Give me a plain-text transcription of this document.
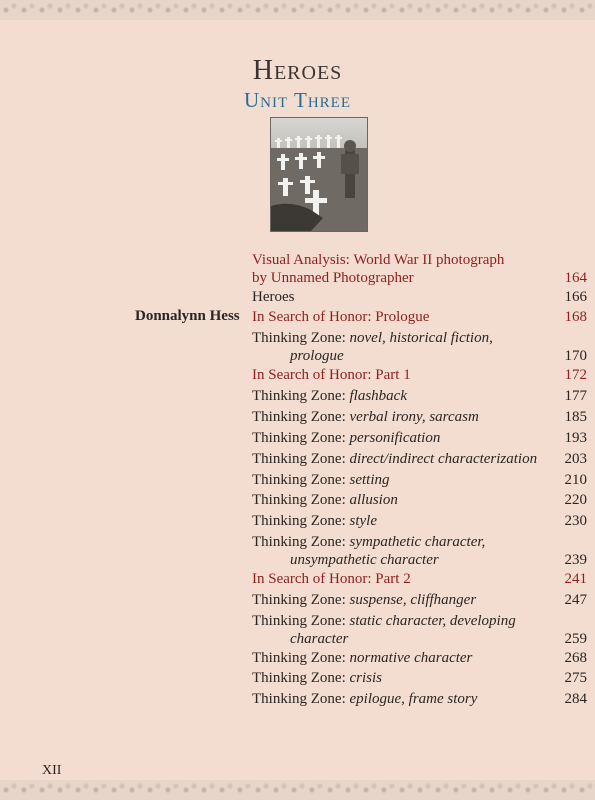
Heroes
Unit Three
Donnalynn Hess
Visual Analysis: World War II photograph
by Unnamed Photographer	164
Heroes	166
In Search of Honor: Prologue	168
Thinking Zone: novel, historical fiction,
prologue	170
In Search of Honor: Part 1	172
Thinking Zone: flashback	177
Thinking Zone: verbal irony, sarcasm	185
Thinking Zone: personification	193
Thinking Zone: direct/indirect characterization	203
Thinking Zone: setting	210
Thinking Zone: allusion	220
Thinking Zone: style	230
Thinking Zone: sympathetic character,
unsympathetic character	239
In Search of Honor: Part 2	241
Thinking Zone: suspense, cliffhanger	247
Thinking Zone: static character, developing
character	259
Thinking Zone: normative character	268
Thinking Zone: crisis	275
Thinking Zone: epilogue, frame story	284
XII
